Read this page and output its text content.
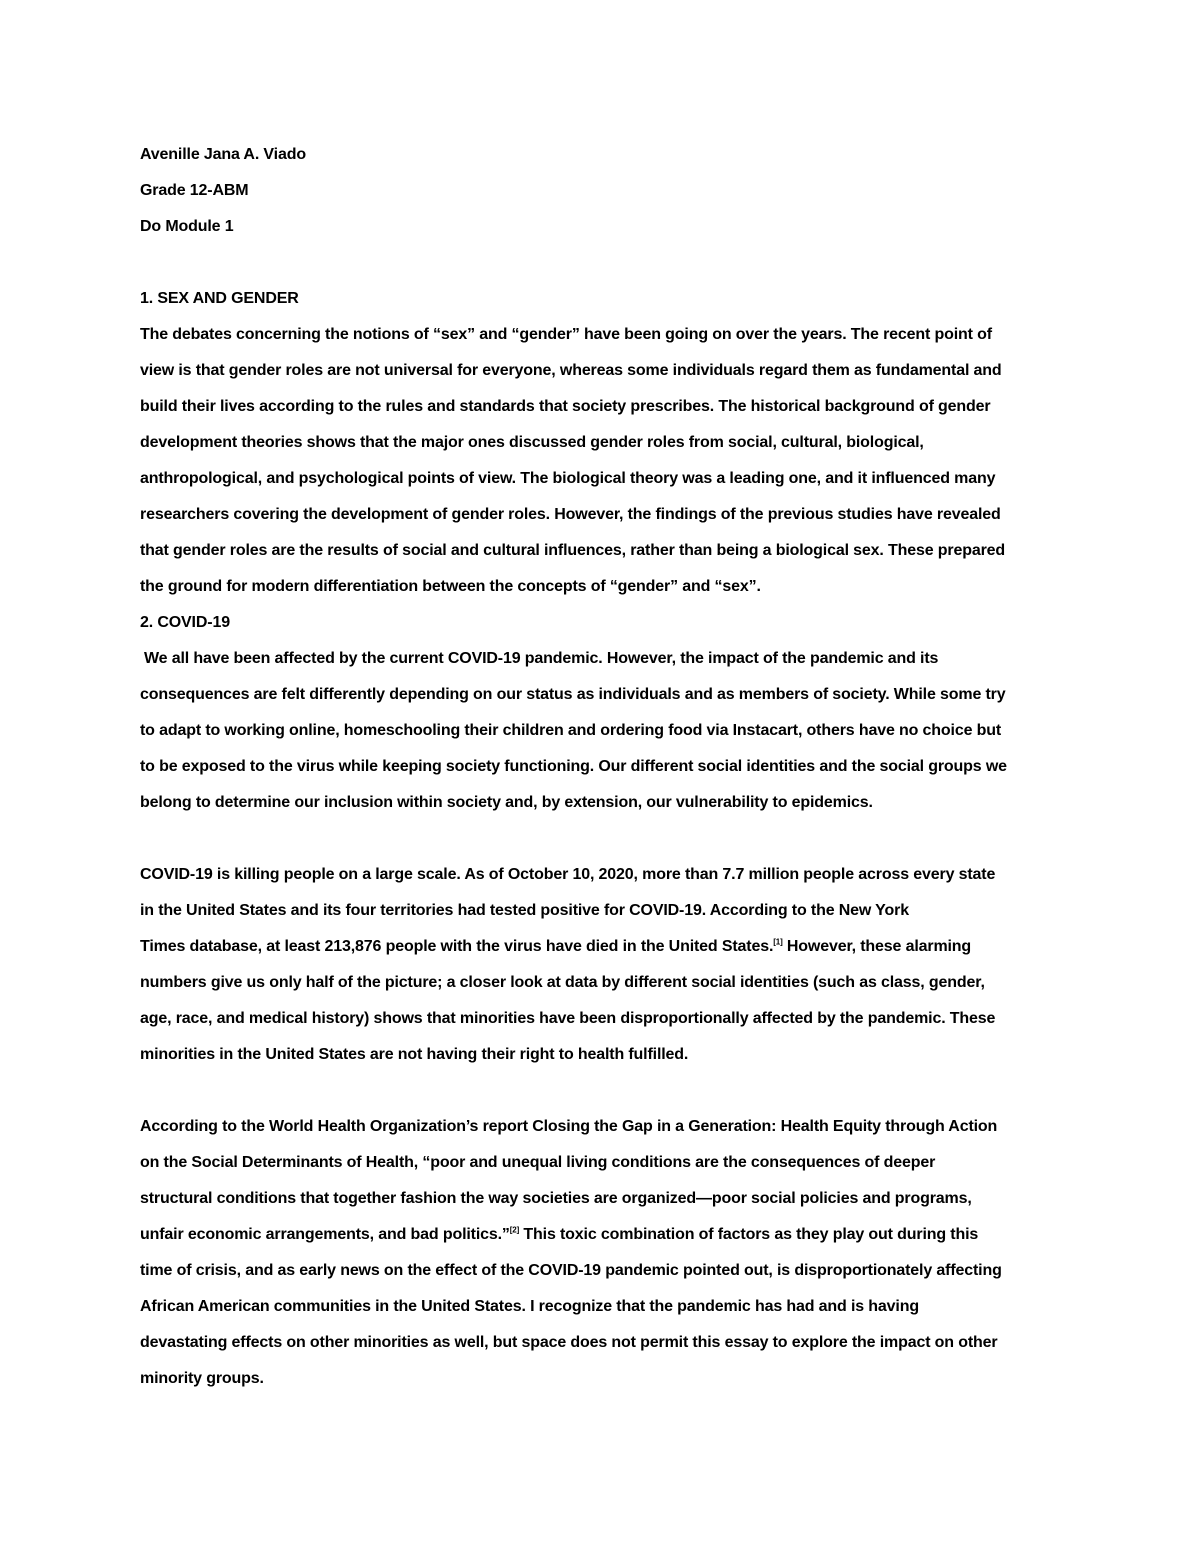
Avenille Jana A. Viado
Grade 12-ABM
Do Module 1
1. SEX AND GENDER
The debates concerning the notions of “sex” and “gender” have been going on over the years. The recent point of
view is that gender roles are not universal for everyone, whereas some individuals regard them as fundamental and
build their lives according to the rules and standards that society prescribes. The historical background of gender
development theories shows that the major ones discussed gender roles from social, cultural, biological,
anthropological, and psychological points of view. The biological theory was a leading one, and it influenced many
researchers covering the development of gender roles. However, the findings of the previous studies have revealed
that gender roles are the results of social and cultural influences, rather than being a biological sex. These prepared
the ground for modern differentiation between the concepts of “gender” and “sex”.
2. COVID-19
We all have been affected by the current COVID-19 pandemic. However, the impact of the pandemic and its
consequences are felt differently depending on our status as individuals and as members of society. While some try
to adapt to working online, homeschooling their children and ordering food via Instacart, others have no choice but
to be exposed to the virus while keeping society functioning. Our different social identities and the social groups we
belong to determine our inclusion within society and, by extension, our vulnerability to epidemics.
COVID-19 is killing people on a large scale. As of October 10, 2020, more than 7.7 million people across every state
in the United States and its four territories had tested positive for COVID-19. According to the New York
Times database, at least 213,876 people with the virus have died in the United States.[1] However, these alarming
numbers give us only half of the picture; a closer look at data by different social identities (such as class, gender,
age, race, and medical history) shows that minorities have been disproportionally affected by the pandemic. These
minorities in the United States are not having their right to health fulfilled.
According to the World Health Organization’s report Closing the Gap in a Generation: Health Equity through Action
on the Social Determinants of Health, “poor and unequal living conditions are the consequences of deeper
structural conditions that together fashion the way societies are organized—poor social policies and programs,
unfair economic arrangements, and bad politics.”[2] This toxic combination of factors as they play out during this
time of crisis, and as early news on the effect of the COVID-19 pandemic pointed out, is disproportionately affecting
African American communities in the United States. I recognize that the pandemic has had and is having
devastating effects on other minorities as well, but space does not permit this essay to explore the impact on other
minority groups.
